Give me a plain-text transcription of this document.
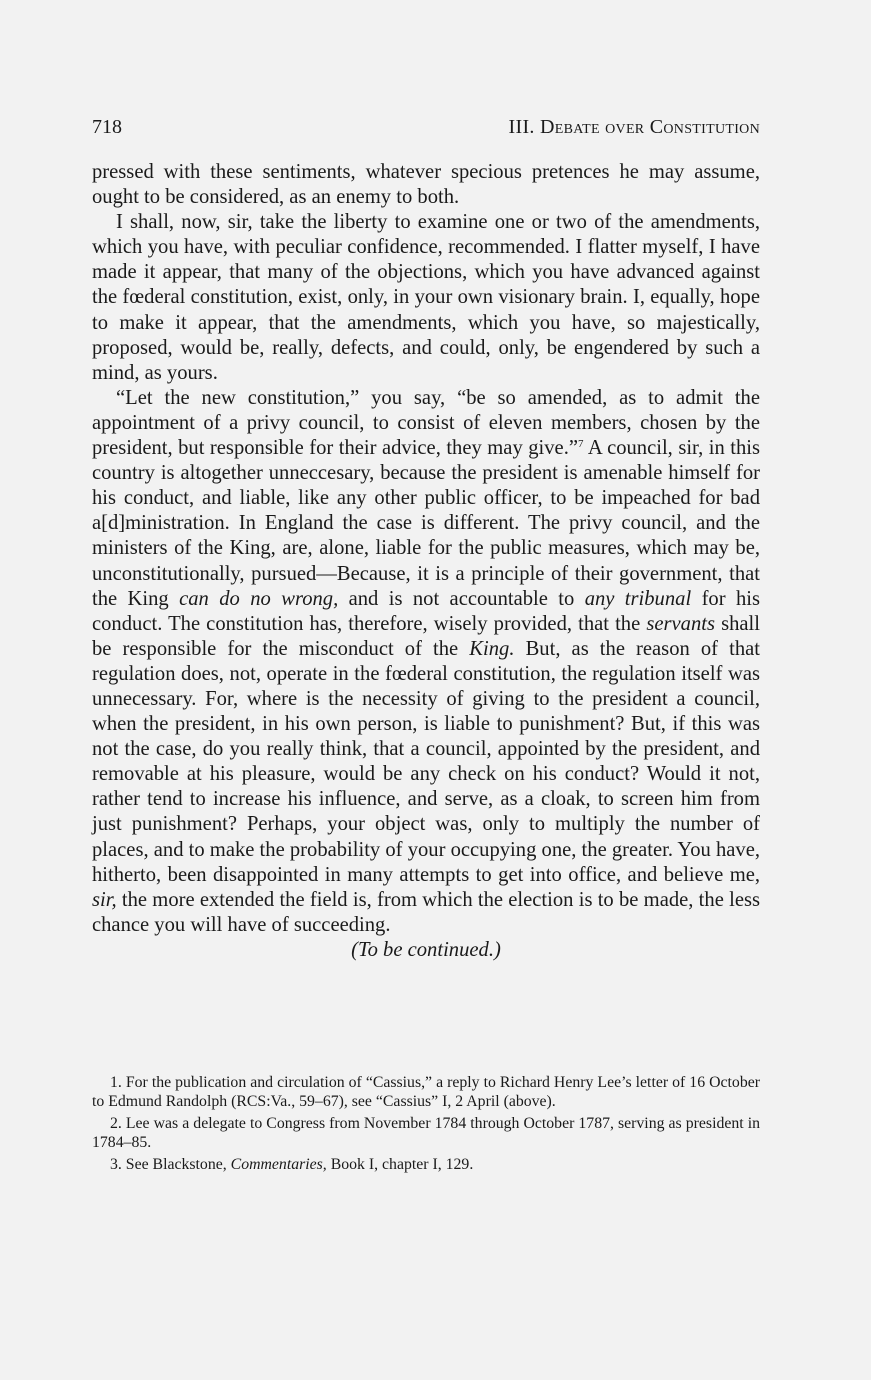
718	III. Debate over Constitution

pressed with these sentiments, whatever specious pretences he may assume, ought to be considered, as an enemy to both.

I shall, now, sir, take the liberty to examine one or two of the amendments, which you have, with peculiar confidence, recommended. I flatter myself, I have made it appear, that many of the objections, which you have advanced against the fœderal constitution, exist, only, in your own visionary brain. I, equally, hope to make it appear, that the amendments, which you have, so majestically, proposed, would be, really, defects, and could, only, be engendered by such a mind, as yours.

“Let the new constitution,” you say, “be so amended, as to admit the appointment of a privy council, to consist of eleven members, chosen by the president, but responsible for their advice, they may give.”$^7$ A council, sir, in this country is altogether unneccesary, because the president is amenable himself for his conduct, and liable, like any other public officer, to be impeached for bad a[d]ministration. In England the case is different. The privy council, and the ministers of the King, are, alone, liable for the public measures, which may be, unconstitutionally, pursued—Because, it is a principle of their government, that the King can do no wrong, and is not accountable to any tribunal for his conduct. The constitution has, therefore, wisely provided, that the servants shall be responsible for the misconduct of the King. But, as the reason of that regulation does, not, operate in the fœderal constitution, the regulation itself was unnecessary. For, where is the necessity of giving to the president a council, when the president, in his own person, is liable to punishment? But, if this was not the case, do you really think, that a council, appointed by the president, and removable at his pleasure, would be any check on his conduct? Would it not, rather tend to increase his influence, and serve, as a cloak, to screen him from just punishment? Perhaps, your object was, only to multiply the number of places, and to make the probability of your occupying one, the greater. You have, hitherto, been disappointed in many attempts to get into office, and believe me, sir, the more extended the field is, from which the election is to be made, the less chance you will have of succeeding.

(To be continued.)

1. For the publication and circulation of “Cassius,” a reply to Richard Henry Lee’s letter of 16 October to Edmund Randolph (RCS:Va., 59–67), see “Cassius” I, 2 April (above).

2. Lee was a delegate to Congress from November 1784 through October 1787, serving as president in 1784–85.

3. See Blackstone, Commentaries, Book I, chapter I, 129.
